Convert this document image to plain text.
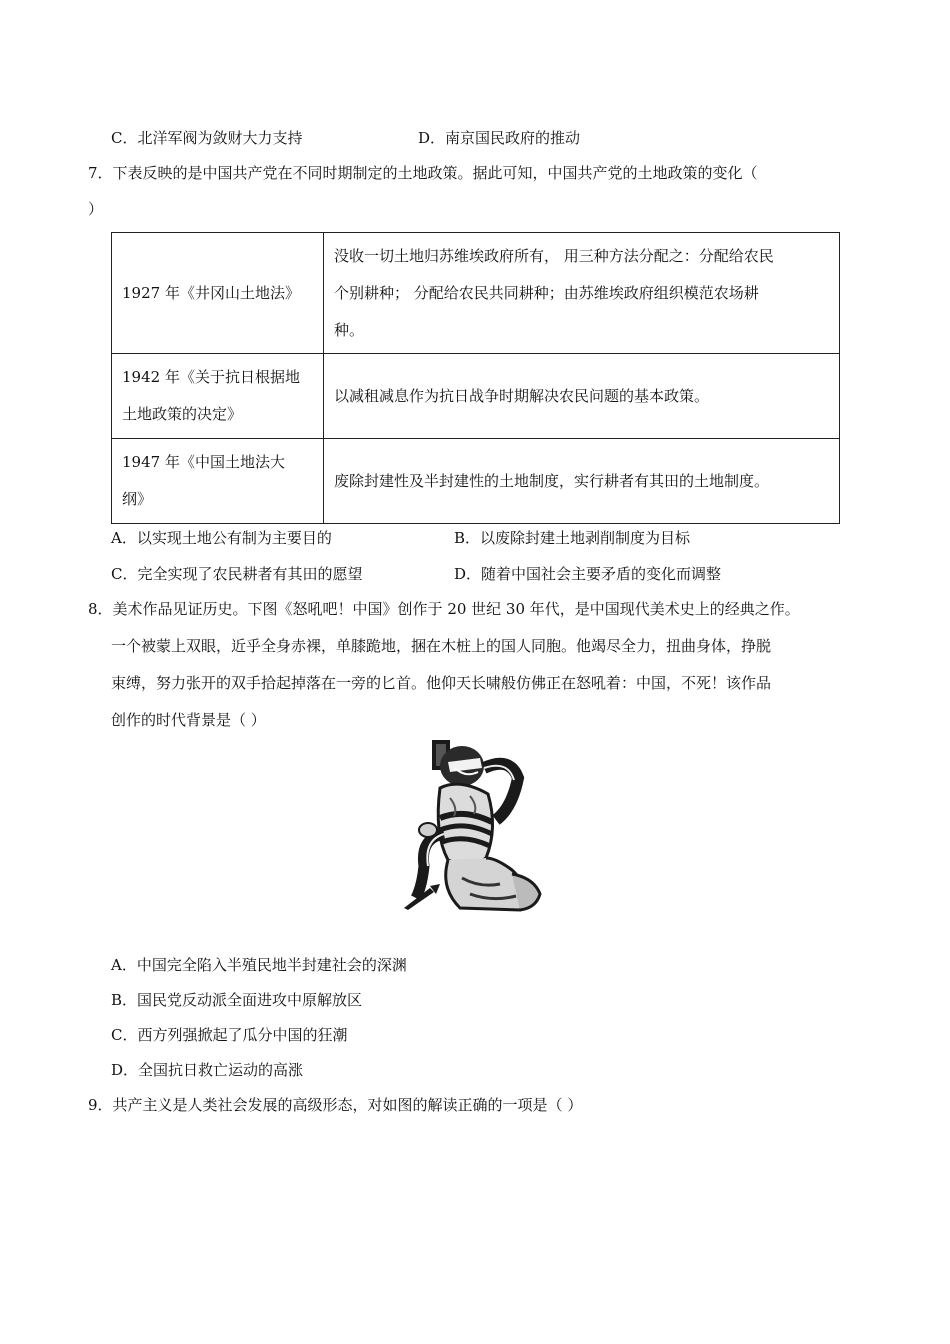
C．北洋军阀为敛财大力支持	D．南京国民政府的推动
7．下表反映的是中国共产党在不同时期制定的土地政策。据此可知，中国共产党的土地政策的变化（
）
1927 年《井冈山土地法》	没收一切土地归苏维埃政府所有， 用三种方法分配之：分配给农民
个别耕种； 分配给农民共同耕种；由苏维埃政府组织模范农场耕
种。

1942 年《关于抗日根据地
土地政策的决定》	以减租减息作为抗日战争时期解决农民问题的基本政策。

1947 年《中国土地法大
纲》	废除封建性及半封建性的土地制度，实行耕者有其田的土地制度。
A．以实现土地公有制为主要目的	B．以废除封建土地剥削制度为目标
C．完全实现了农民耕者有其田的愿望	D．随着中国社会主要矛盾的变化而调整
8．美术作品见证历史。下图《怒吼吧！中国》创作于 20 世纪 30 年代，是中国现代美术史上的经典之作。
一个被蒙上双眼，近乎全身赤裸，单膝跪地，捆在木桩上的国人同胞。他竭尽全力，扭曲身体，挣脱
束缚，努力张开的双手拾起掉落在一旁的匕首。他仰天长啸般仿佛正在怒吼着：中国，不死！该作品
创作的时代背景是（ ）
A．中国完全陷入半殖民地半封建社会的深渊
B．国民党反动派全面进攻中原解放区
C．西方列强掀起了瓜分中国的狂潮
D．全国抗日救亡运动的高涨
9．共产主义是人类社会发展的高级形态，对如图的解读正确的一项是（ ）
